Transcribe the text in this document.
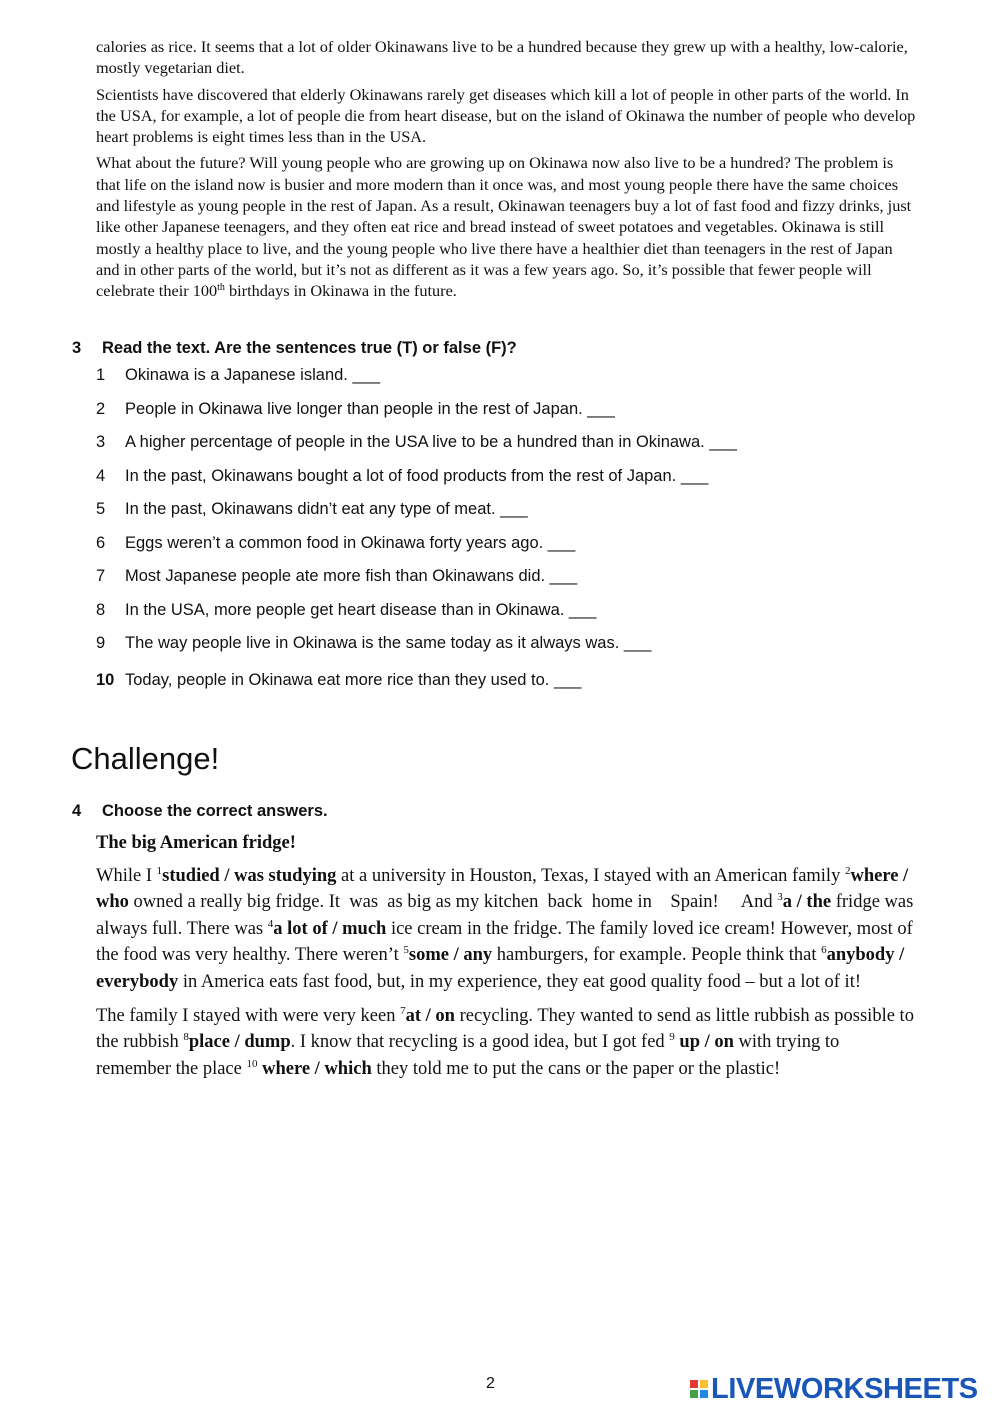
calories as rice. It seems that a lot of older Okinawans live to be a hundred because they grew up with a healthy, low-calorie, mostly vegetarian diet.

Scientists have discovered that elderly Okinawans rarely get diseases which kill a lot of people in other parts of the world. In the USA, for example, a lot of people die from heart disease, but on the island of Okinawa the number of people who develop heart problems is eight times less than in the USA.

What about the future? Will young people who are growing up on Okinawa now also live to be a hundred? The problem is that life on the island now is busier and more modern than it once was, and most young people there have the same choices and lifestyle as young people in the rest of Japan. As a result, Okinawan teenagers buy a lot of fast food and fizzy drinks, just like other Japanese teenagers, and they often eat rice and bread instead of sweet potatoes and vegetables. Okinawa is still mostly a healthy place to live, and the young people who live there have a healthier diet than teenagers in the rest of Japan and in other parts of the world, but it’s not as different as it was a few years ago. So, it’s possible that fewer people will celebrate their 100th birthdays in Okinawa in the future.

3 Read the text. Are the sentences true (T) or false (F)?
1 Okinawa is a Japanese island. ___
2 People in Okinawa live longer than people in the rest of Japan. ___
3 A higher percentage of people in the USA live to be a hundred than in Okinawa. ___
4 In the past, Okinawans bought a lot of food products from the rest of Japan. ___
5 In the past, Okinawans didn’t eat any type of meat. ___
6 Eggs weren’t a common food in Okinawa forty years ago. ___
7 Most Japanese people ate more fish than Okinawans did. ___
8 In the USA, more people get heart disease than in Okinawa. ___
9 The way people live in Okinawa is the same today as it always was. ___
10 Today, people in Okinawa eat more rice than they used to. ___
Challenge!
4 Choose the correct answers.
The big American fridge!

While I $^1$studied / was studying at a university in Houston, Texas, I stayed with an American family $^2$where / who owned a really big fridge. It  was  as big as my kitchen  back  home in    Spain!     And $^3$a / the fridge was always full. There was $^4$a lot of / much ice cream in the fridge. The family loved ice cream! However, most of the food was very healthy. There weren’t $^5$some / any hamburgers, for example. People think that $^6$anybody / everybody in America eats fast food, but, in my experience, they eat good quality food – but a lot of it!

The family I stayed with were very keen $^7$at / on recycling. They wanted to send as little rubbish as possible to the rubbish $^8$place / dump. I know that recycling is a good idea, but I got fed $^9$ up / on with trying to remember the place $^{10}$ where / which they told me to put the cans or the paper or the plastic!

2	LIVEWORKSHEETS
